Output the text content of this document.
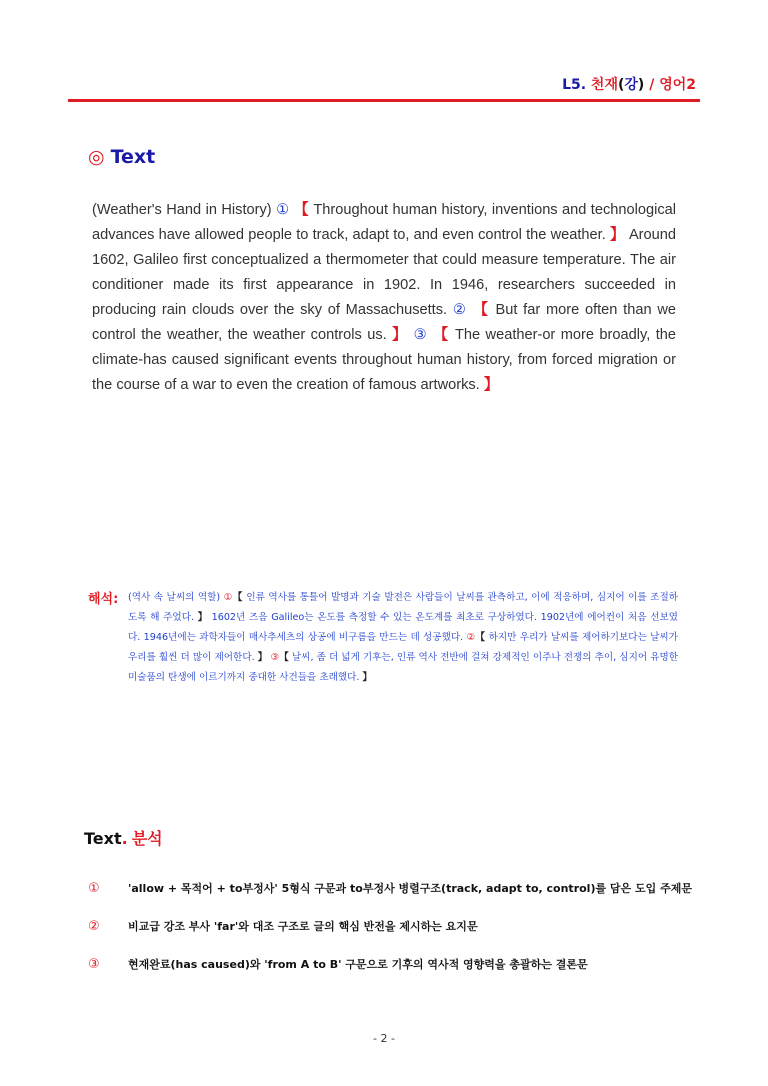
L5. 천재(강) / 영어2
◎ Text
(Weather's Hand in History) ① 【 Throughout human history, inventions and technological advances have allowed people to track, adapt to, and even control the weather. 】 Around 1602, Galileo first conceptualized a thermometer that could measure temperature. The air conditioner made its first appearance in 1902. In 1946, researchers succeeded in producing rain clouds over the sky of Massachusetts. ② 【 But far more often than we control the weather, the weather controls us. 】 ③ 【 The weather-or more broadly, the climate-has caused significant events throughout human history, from forced migration or the course of a war to even the creation of famous artworks. 】
해석: (역사 속 날씨의 역할) ①【 인류 역사를 통틀어 발명과 기술 발전은 사람들이 날씨를 관측하고, 이에 적응하며, 심지어 이를 조절하도록 해 주었다. 】 1602년 즈음 Galileo는 온도를 측정할 수 있는 온도계를 최초로 구상하였다. 1902년에 에어컨이 처음 선보였다. 1946년에는 과학자들이 매사추세츠의 상공에 비구름을 만드는 데 성공했다. ②【 하지만 우리가 날씨를 제어하기보다는 날씨가 우리를 훨씬 더 많이 제어한다. 】 ③【 날씨, 좀 더 넓게 기후는, 인류 역사 전반에 걸쳐 강제적인 이주나 전쟁의 추이, 심지어 유명한 미술품의 탄생에 이르기까지 중대한 사건들을 초래했다. 】
Text. 분석
①	'allow + 목적어 + to부정사' 5형식 구문과 to부정사 병렬구조(track, adapt to, control)를 담은 도입 주제문
②	비교급 강조 부사 'far'와 대조 구조로 글의 핵심 반전을 제시하는 요지문
③	현재완료(has caused)와 'from A to B' 구문으로 기후의 역사적 영향력을 총괄하는 결론문
- 2 -
